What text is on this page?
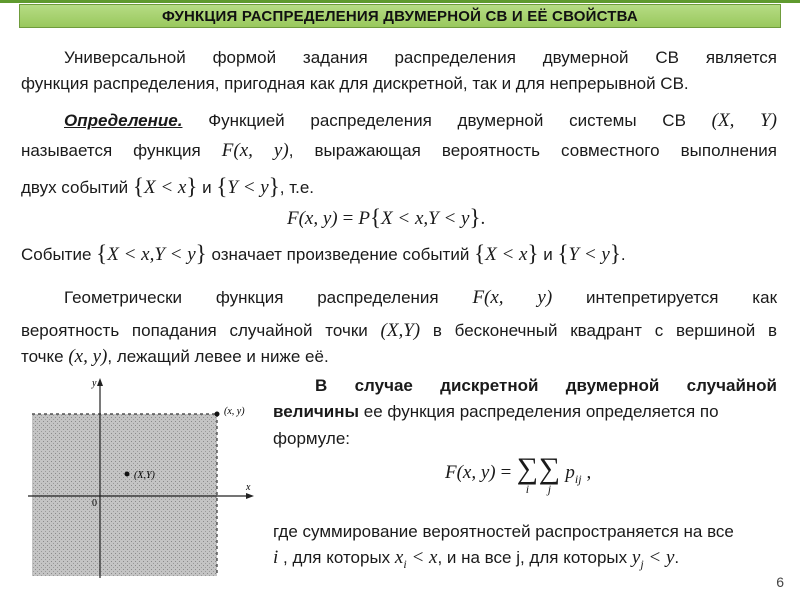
ФУНКЦИЯ РАСПРЕДЕЛЕНИЯ ДВУМЕРНОЙ СВ И ЕЁ СВОЙСТВА
Универсальной формой задания распределения двумерной СВ является
функция распределения, пригодная как для дискретной, так и для непрерывной СВ.
Определение. Функцией распределения двумерной системы СВ (X, Y)
называется функция F(x, y), выражающая вероятность совместного выполнения
двух событий {X < x} и {Y < y}, т.е.
F(x, y) = P{X < x,Y < y}.
Событие {X < x,Y < y} означает произведение событий {X < x} и {Y < y}.
Геометрически функция распределения F(x, y) интепретируется как
вероятность попадания случайной точки (X,Y) в бесконечный квадрант с вершиной в
точке (x, y), лежащий левее и ниже её.
y
x
0
(x, y)
(X,Y)
В случае дискретной двумерной случайной
величины ее функция распределения определяется по
формуле:
F(x, y) = ∑
i
∑
j
$p_{ij}$ ,
где суммирование вероятностей распространяется на все
i , для которых $x_i < x$, и на все j, для которых $y_j < y$.
6
